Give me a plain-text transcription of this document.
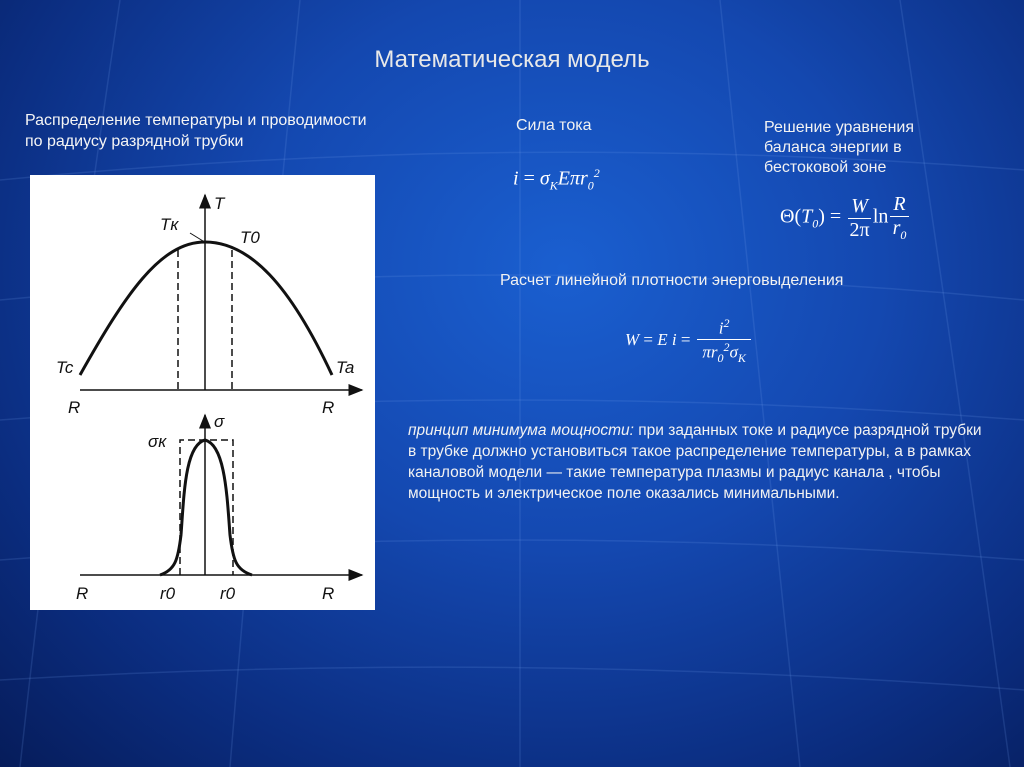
Математическая модель
Распределение температуры и проводимости
по радиусу разрядной трубки
Сила тока	Решение уравнения
баланса энергии в
бестоковой зоне
Расчет линейной плотности энерговыделения
$i = \sigma_KE\pi r_0^2$
$\Theta(T_0) = \frac{W}{2\pi}$ $\ln \frac{R}{r_0}$
W = E $i = \frac{i^2}{\pi r_0^2\sigma_K}$
принцип минимума мощности: при заданных токе и радиусе разрядной трубки в трубке должно установиться такое распределение температуры, а в рамках каналовой модели — такие температура плазмы и радиус канала , чтобы мощность и электрическое поле оказались минимальными.
T
Tк
T0
Tc	Ta
R	R
σ
σк
R	r0	r0	R
